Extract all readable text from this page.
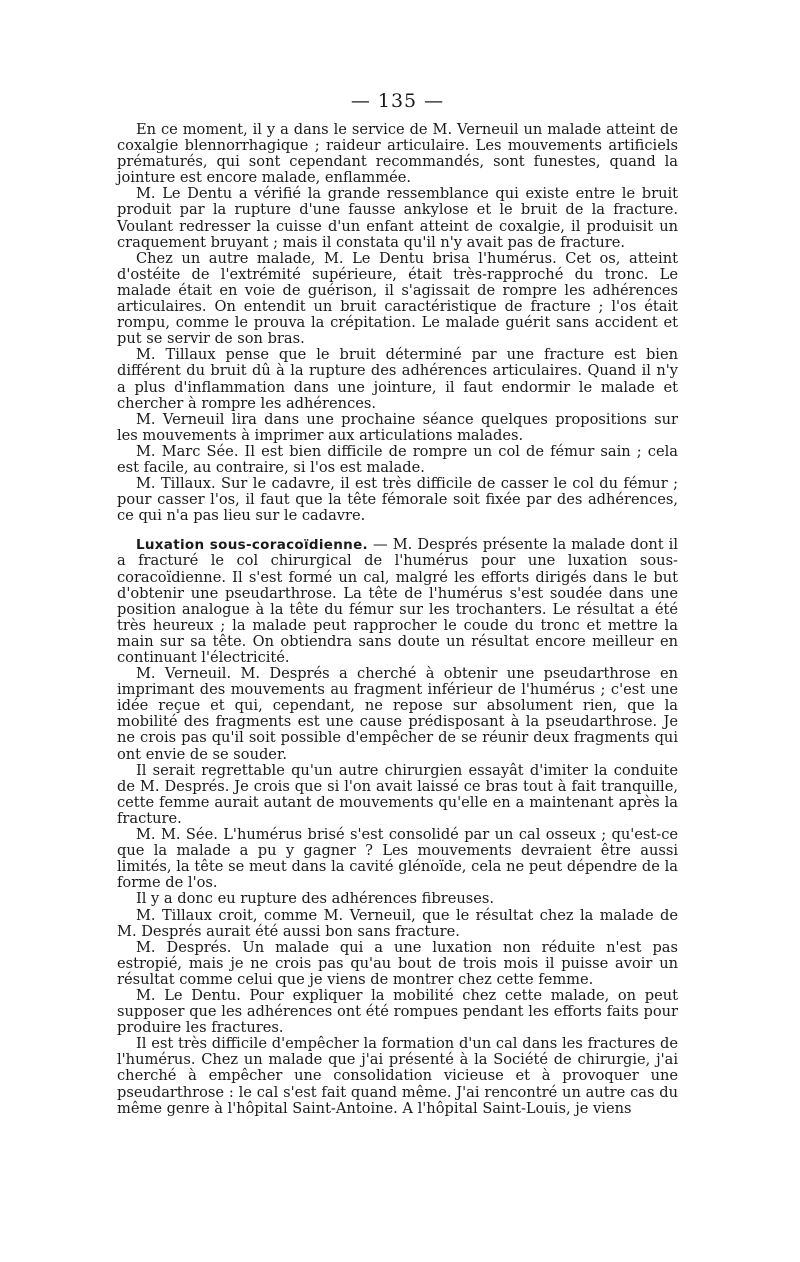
— 135 —

En ce moment, il y a dans le service de M. Verneuil un malade atteint de coxalgie blennorrhagique ; raideur articulaire. Les mouvements artificiels prématurés, qui sont cependant recommandés, sont funestes, quand la jointure est encore malade, enflammée.

M. Le Dentu a vérifié la grande ressemblance qui existe entre le bruit produit par la rupture d'une fausse ankylose et le bruit de la fracture. Voulant redresser la cuisse d'un enfant atteint de coxalgie, il produisit un craquement bruyant ; mais il constata qu'il n'y avait pas de fracture.

Chez un autre malade, M. Le Dentu brisa l'humérus. Cet os, atteint d'ostéite de l'extrémité supérieure, était très-rapproché du tronc. Le malade était en voie de guérison, il s'agissait de rompre les adhérences articulaires. On entendit un bruit caractéristique de fracture ; l'os était rompu, comme le prouva la crépitation. Le malade guérit sans accident et put se servir de son bras.

M. Tillaux pense que le bruit déterminé par une fracture est bien différent du bruit dû à la rupture des adhérences articulaires. Quand il n'y a plus d'inflammation dans une jointure, il faut endormir le malade et chercher à rompre les adhérences.

M. Verneuil lira dans une prochaine séance quelques propositions sur les mouvements à imprimer aux articulations malades.

M. Marc Sée. Il est bien difficile de rompre un col de fémur sain ; cela est facile, au contraire, si l'os est malade.

M. Tillaux. Sur le cadavre, il est très difficile de casser le col du fémur ; pour casser l'os, il faut que la tête fémorale soit fixée par des adhérences, ce qui n'a pas lieu sur le cadavre.

Luxation sous-coracoïdienne. — M. Després présente la malade dont il a fracturé le col chirurgical de l'humérus pour une luxation sous-coracoïdienne. Il s'est formé un cal, malgré les efforts dirigés dans le but d'obtenir une pseudarthrose. La tête de l'humérus s'est soudée dans une position analogue à la tête du fémur sur les trochanters. Le résultat a été très heureux ; la malade peut rapprocher le coude du tronc et mettre la main sur sa tête. On obtiendra sans doute un résultat encore meilleur en continuant l'électricité.

M. Verneuil. M. Després a cherché à obtenir une pseudarthrose en imprimant des mouvements au fragment inférieur de l'humérus ; c'est une idée reçue et qui, cependant, ne repose sur absolument rien, que la mobilité des fragments est une cause prédisposant à la pseudarthrose. Je ne crois pas qu'il soit possible d'empêcher de se réunir deux fragments qui ont envie de se souder.

Il serait regrettable qu'un autre chirurgien essayât d'imiter la conduite de M. Després. Je crois que si l'on avait laissé ce bras tout à fait tranquille, cette femme aurait autant de mouvements qu'elle en a maintenant après la fracture.

M. M. Sée. L'humérus brisé s'est consolidé par un cal osseux ; qu'est-ce que la malade a pu y gagner ? Les mouvements devraient être aussi limités, la tête se meut dans la cavité glénoïde, cela ne peut dépendre de la forme de l'os.

Il y a donc eu rupture des adhérences fibreuses.

M. Tillaux croit, comme M. Verneuil, que le résultat chez la malade de M. Després aurait été aussi bon sans fracture.

M. Després. Un malade qui a une luxation non réduite n'est pas estropié, mais je ne crois pas qu'au bout de trois mois il puisse avoir un résultat comme celui que je viens de montrer chez cette femme.

M. Le Dentu. Pour expliquer la mobilité chez cette malade, on peut supposer que les adhérences ont été rompues pendant les efforts faits pour produire les fractures.

Il est très difficile d'empêcher la formation d'un cal dans les fractures de l'humérus. Chez un malade que j'ai présenté à la Société de chirurgie, j'ai cherché à empêcher une consolidation vicieuse et à provoquer une pseudarthrose : le cal s'est fait quand même. J'ai rencontré un autre cas du même genre à l'hôpital Saint-Antoine. A l'hôpital Saint-Louis, je viens
